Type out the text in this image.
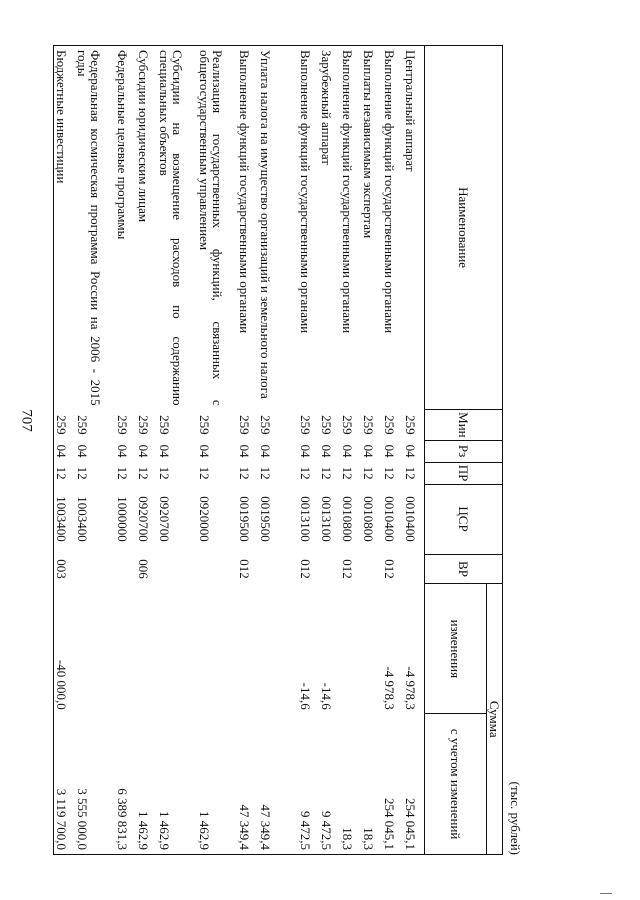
707
(тыс. рублей)
Наименование	Мин	Рз	ПР	ЦСР	ВР	Сумма	
						изменения	с учетом изменений
Центральный аппарат	259	04	12	0010400		-4 978,3	254 045,1
Выполнение функций государственными органами	259	04	12	0010400	012	-4 978,3	254 045,1
Выплаты независимым экспертам	259	04	12	0010800			18,3
Выполнение функций государственными органами	259	04	12	0010800	012		18,3
Зарубежный аппарат	259	04	12	0013100		-14,6	9 472,5
Выполнение функций государственными органами	259	04	12	0013100	012	-14,6	9 472,5
Уплата налога на имущество организаций и земельного налога	259	04	12	0019500			47 349,4
Выполнение функций государственными органами	259	04	12	0019500	012		47 349,4
Реализация государственных функций, связанных с общегосударственным управлением	259	04	12	0920000			1 462,9
Субсидии на возмещение расходов по содержанию специальных объектов	259	04	12	0920700			1 462,9
Субсидии юридическим лицам	259	04	12	0920700	006		1 462,9
Федеральные целевые программы	259	04	12	1000000			6 389 831,3
Федеральная космическая программа России на 2006 - 2015 годы	259	04	12	1003400			3 555 000,0
Бюджетные инвестиции	259	04	12	1003400	003	-40 000,0	3 119 700,0
